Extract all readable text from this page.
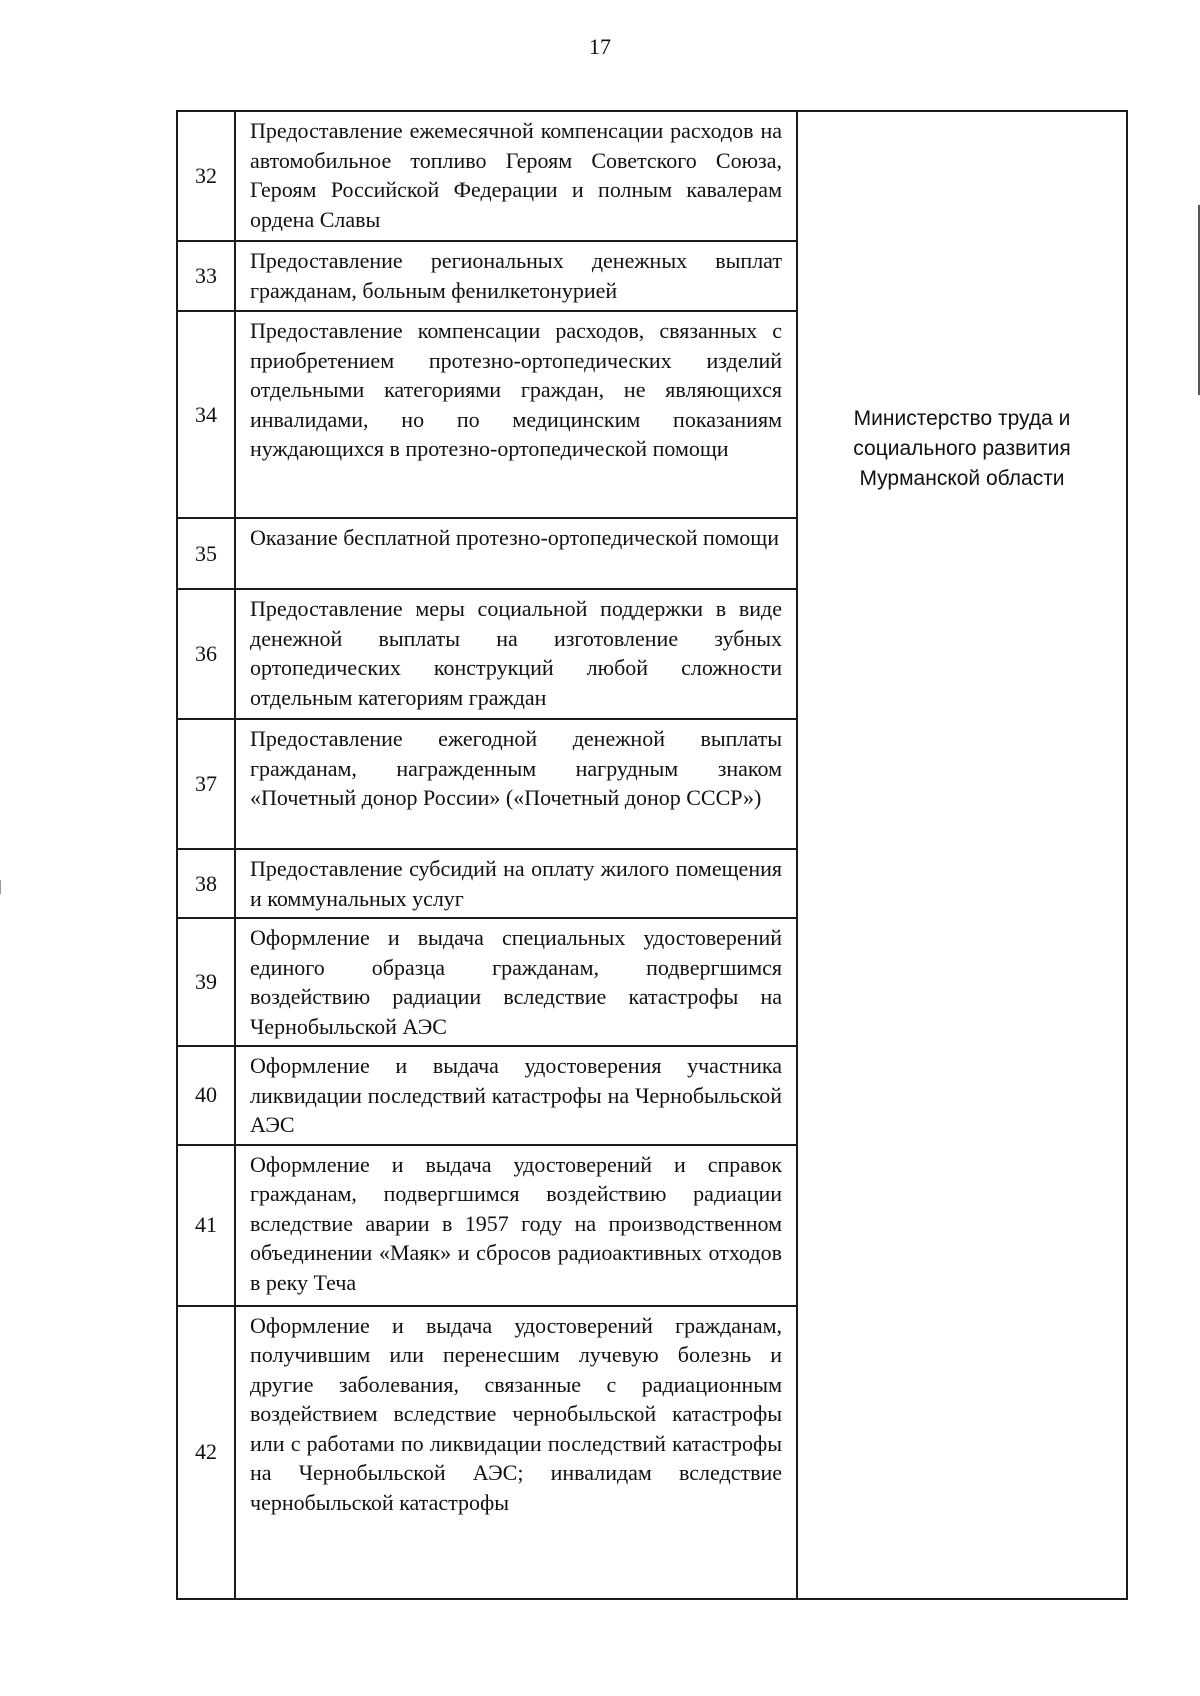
17
32	Предоставление ежемесячной компенсации расходов на автомобильное топливо Героям Советского Союза, Героям Российской Федерации и полным кавалерам ордена Славы	Министерство труда и
социального развития
Мурманской области

33	Предоставление региональных денежных выплат гражданам, больным фенилкетонурией	
34	Предоставление компенсации расходов, связанных с приобретением протезно-ортопедических изделий отдельными категориями граждан, не являющихся инвалидами, но по медицинским показаниям нуждающихся в протезно-ортопедической помощи	
35	Оказание бесплатной протезно-ортопедической помощи	
36	Предоставление меры социальной поддержки в виде денежной выплаты на изготовление зубных ортопедических конструкций любой сложности отдельным категориям граждан	
37	Предоставление ежегодной денежной выплаты гражданам, награжденным нагрудным знаком «Почетный донор России» («Почетный донор СССР»)	
38	Предоставление субсидий на оплату жилого помещения и коммунальных услуг	
39	Оформление и выдача специальных удостоверений единого образца гражданам, подвергшимся воздействию радиации вследствие катастрофы на Чернобыльской АЭС	
40	Оформление и выдача удостоверения участника ликвидации последствий катастрофы на Чернобыльской АЭС	
41	Оформление и выдача удостоверений и справок гражданам, подвергшимся воздействию радиации вследствие аварии в 1957 году на производственном объединении «Маяк» и сбросов радиоактивных отходов в реку Теча	
42	Оформление и выдача удостоверений гражданам, получившим или перенесшим лучевую болезнь и другие заболевания, связанные с радиационным воздействием вследствие чернобыльской катастрофы или с работами по ликвидации последствий катастрофы на Чернобыльской АЭС; инвалидам вследствие чернобыльской катастрофы	
